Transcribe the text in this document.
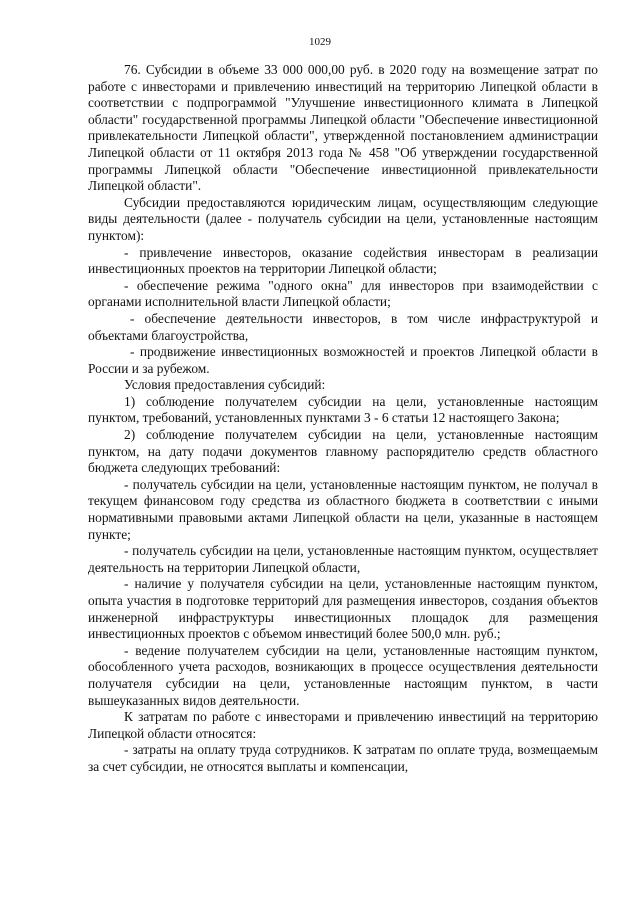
1029

76. Субсидии в объеме 33 000 000,00 руб. в 2020 году на возмещение затрат по работе с инвесторами и привлечению инвестиций на территорию Липецкой области в соответствии с подпрограммой "Улучшение инвестиционного климата в Липецкой области" государственной программы Липецкой области "Обеспечение инвестиционной привлекательности Липецкой области", утвержденной постановлением администрации Липецкой области от 11 октября 2013 года № 458 "Об утверждении государственной программы Липецкой области "Обеспечение инвестиционной привлекательности Липецкой области".

Субсидии предоставляются юридическим лицам, осуществляющим следующие виды деятельности (далее - получатель субсидии на цели, установленные настоящим пунктом):

- привлечение инвесторов, оказание содействия инвесторам в реализации инвестиционных проектов на территории Липецкой области;

- обеспечение режима "одного окна" для инвесторов при взаимодействии с органами исполнительной власти Липецкой области;

- обеспечение деятельности инвесторов, в том числе инфраструктурой и объектами благоустройства,

- продвижение инвестиционных возможностей и проектов Липецкой области в России и за рубежом.

Условия предоставления субсидий:

1) соблюдение получателем субсидии на цели, установленные настоящим пунктом, требований, установленных пунктами 3 - 6 статьи 12 настоящего Закона;

2) соблюдение получателем субсидии на цели, установленные настоящим пунктом, на дату подачи документов главному распорядителю средств областного бюджета следующих требований:

- получатель субсидии на цели, установленные настоящим пунктом, не получал в текущем финансовом году средства из областного бюджета в соответствии с иными нормативными правовыми актами Липецкой области на цели, указанные в настоящем пункте;

- получатель субсидии на цели, установленные настоящим пунктом, осуществляет деятельность на территории Липецкой области,

- наличие у получателя субсидии на цели, установленные настоящим пунктом, опыта участия в подготовке территорий для размещения инвесторов, создания объектов инженерной инфраструктуры инвестиционных площадок для размещения инвестиционных проектов с объемом инвестиций более 500,0 млн. руб.;

- ведение получателем субсидии на цели, установленные настоящим пунктом, обособленного учета расходов, возникающих в процессе осуществления деятельности получателя субсидии на цели, установленные настоящим пунктом, в части вышеуказанных видов деятельности.

К затратам по работе с инвесторами и привлечению инвестиций на территорию Липецкой области относятся:

- затраты на оплату труда сотрудников. К затратам по оплате труда, возмещаемым за счет субсидии, не относятся выплаты и компенсации,
